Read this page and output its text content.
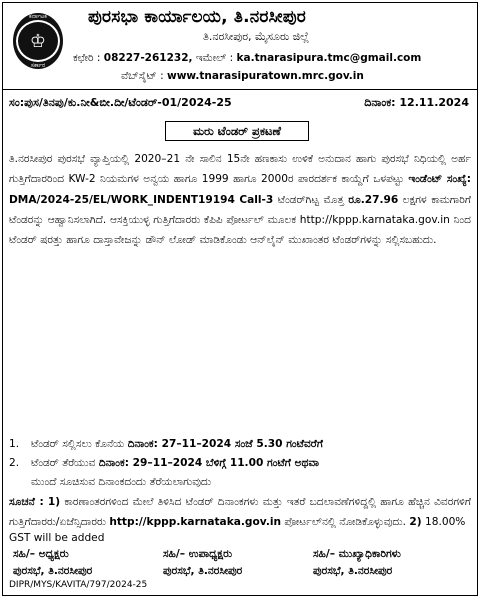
ಕರ್ನಾಟಕ
♔
ಸರ್ಕಾರ
ಪುರಸಭಾ ಕಾರ್ಯಾಲಯ, ತಿ.ನರಸೀಪುರ
ತಿ.ನರಸೀಪುರ, ಮೈಸೂರು ಜಿಲ್ಲೆ
ಕಛೇರಿ : 08227-261232, ಇಮೇಲ್ : ka.tnarasipura.tmc@gmail.com
ವೆಬ್‌ಸೈಟ್ : www.tnarasipuratown.mrc.gov.in
ಸಂ:ಪುಸ/ತಿನಪು/ಕು.ನೀ&ಬೀ.ದೀ/ಟೆಂಡರ್-01/2024-25	ದಿನಾಂಕ: 12.11.2024
ಮರು ಟೆಂಡರ್ ಪ್ರಕಟಣೆ

ತಿ.ನರಸೀಪುರ ಪುರಸಭೆ ವ್ಯಾಪ್ತಿಯಲ್ಲಿ 2020–21 ನೇ ಸಾಲಿನ 15ನೇ ಹಣಕಾಸು ಉಳಿಕೆ ಅನುದಾನ ಹಾಗು ಪುರಸಭೆ ನಿಧಿಯಲ್ಲಿ ಅರ್ಹ ಗುತ್ತಿಗೆದಾರರಿಂದ KW-2 ನಿಯಮಗಳ ಅನ್ವಯ ಹಾಗೂ 1999 ಹಾಗೂ 2000ರ ಪಾರದರ್ಶಕ ಕಾಯ್ದೆಗೆ ಒಳಪಟ್ಟು ಇಂಡೆಂಟ್ ಸಂಖ್ಯೆ: DMA/2024-25/EL/WORK_INDENT19194 Call-3 ಟೆಂಡರ್‌ಗಿಟ್ಟ ಮೊತ್ತ ರೂ.27.96 ಲಕ್ಷಗಳ ಕಾಮಗಾರಿಗೆ ಟೆಂಡರನ್ನು ಆಹ್ವಾನಿಸಲಾಗಿದೆ. ಆಸಕ್ತಿಯುಳ್ಳ ಗುತ್ತಿಗೆದಾರರು ಕೆಪಿಪಿ ಪೋರ್ಟಲ್ ಮೂಲಕ http://kppp.karnataka.gov.in ನಿಂದ ಟೆಂಡರ್ ಷರತ್ತು ಹಾಗೂ ದಾಸ್ತಾವೇಜನ್ನು ಡೌನ್ ಲೋಡ್ ಮಾಡಿಕೊಂಡು ಆನ್‌ಲೈನ್ ಮುಖಾಂತರ ಟೆಂಡರ್‌ಗಳನ್ನು ಸಲ್ಲಿಸಬಹುದು.

1.	ಟೆಂಡರ್ ಸಲ್ಲಿಸಲು ಕೊನೆಯ ದಿನಾಂಕ: 27–11–2024 ಸಂಜೆ 5.30 ಗಂಟೆವರೆಗೆ
2.	ಟೆಂಡರ್ ತೆರೆಯುವ ದಿನಾಂಕ: 29–11–2024 ಬೆಳಿಗ್ಗೆ 11.00 ಗಂಟೆಗೆ ಅಥವಾ
ಮುಂದೆ ಸೂಚಿಸುವ ದಿನಾಂಕದಂದು ತೆರೆಯಲಾಗುವುದು
ಸೂಚನೆ : 1) ಕಾರಣಾಂತರಗಳಿಂದ ಮೇಲೆ ತಿಳಿಸಿದ ಟೆಂಡರ್ ದಿನಾಂಕಗಳು ಮತ್ತು ಇತರೆ ಬದಲಾವಣೆಗಳಿದ್ದಲ್ಲಿ ಹಾಗೂ ಹೆಚ್ಚಿನ ವಿವರಗಳಿಗೆ ಗುತ್ತಿಗೆದಾರರು/ಏಜೆನ್ಸಿದಾರರು http://kppp.karnataka.gov.in ಪೋರ್ಟಲ್‌ನಲ್ಲಿ ನೋಡಿಕೊಳ್ಳುವುದು. 2) 18.00%
GST will be added
ಸಹಿ/– ಅಧ್ಯಕ್ಷರು
ಪುರಸಭೆ, ತಿ.ನರಸೀಪುರ
ಸಹಿ/– ಉಪಾಧ್ಯಕ್ಷರು
ಪುರಸಭೆ, ತಿ.ನರಸೀಪುರ
ಸಹಿ/– ಮುಖ್ಯಾಧಿಕಾರಿಗಳು
ಪುರಸಭೆ, ತಿ.ನರಸೀಪುರ
DIPR/MYS/KAVITA/797/2024-25
